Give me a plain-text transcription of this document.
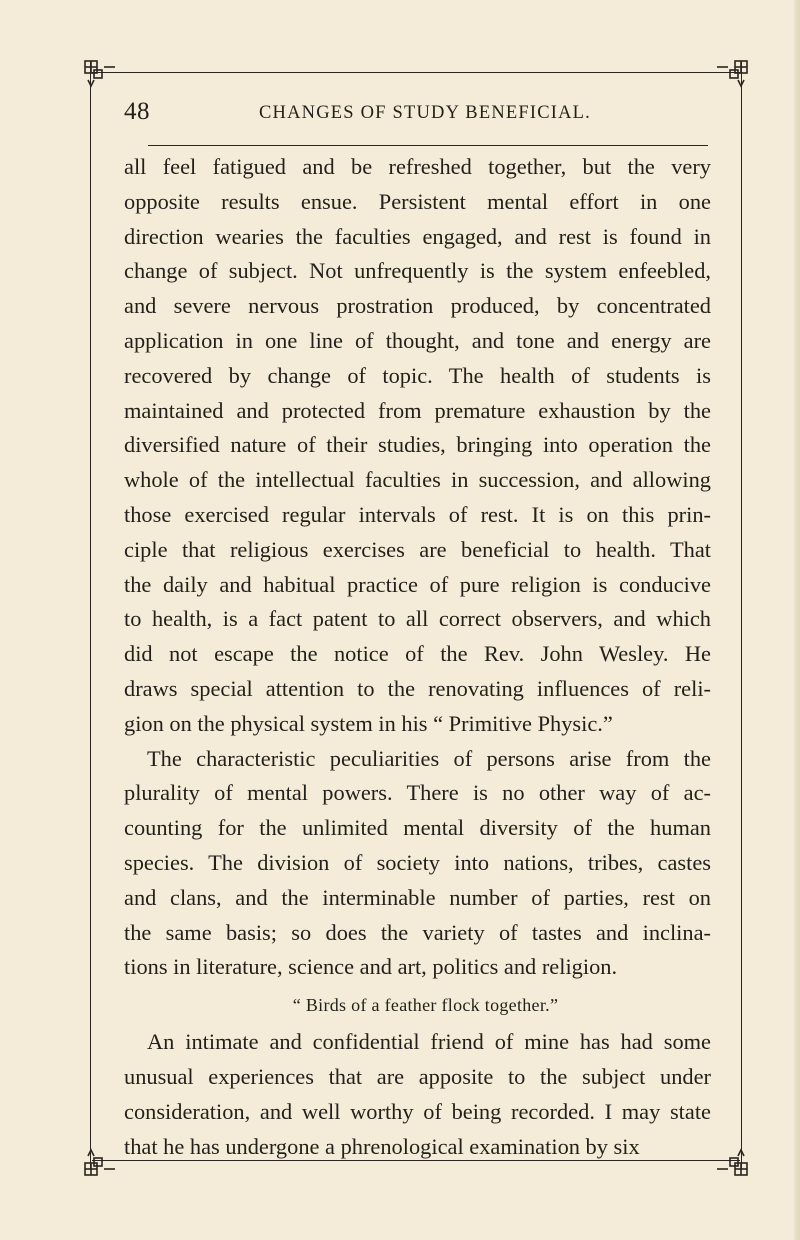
48	CHANGES OF STUDY BENEFICIAL.
all feel fatigued and be refreshed together, but the very
opposite results ensue. Persistent mental effort in one
direction wearies the faculties engaged, and rest is found in
change of subject. Not unfrequently is the system enfeebled,
and severe nervous prostration produced, by concentrated
application in one line of thought, and tone and energy are
recovered by change of topic. The health of students is
maintained and protected from premature exhaustion by the
diversified nature of their studies, bringing into operation the
whole of the intellectual faculties in succession, and allowing
those exercised regular intervals of rest. It is on this prin-
ciple that religious exercises are beneficial to health. That
the daily and habitual practice of pure religion is conducive
to health, is a fact patent to all correct observers, and which
did not escape the notice of the Rev. John Wesley. He
draws special attention to the renovating influences of reli-
gion on the physical system in his “ Primitive Physic.”
The characteristic peculiarities of persons arise from the
plurality of mental powers. There is no other way of ac-
counting for the unlimited mental diversity of the human
species. The division of society into nations, tribes, castes
and clans, and the interminable number of parties, rest on
the same basis; so does the variety of tastes and inclina-
tions in literature, science and art, politics and religion.
“ Birds of a feather flock together.”
An intimate and confidential friend of mine has had some
unusual experiences that are apposite to the subject under
consideration, and well worthy of being recorded. I may state
that he has undergone a phrenological examination by six
